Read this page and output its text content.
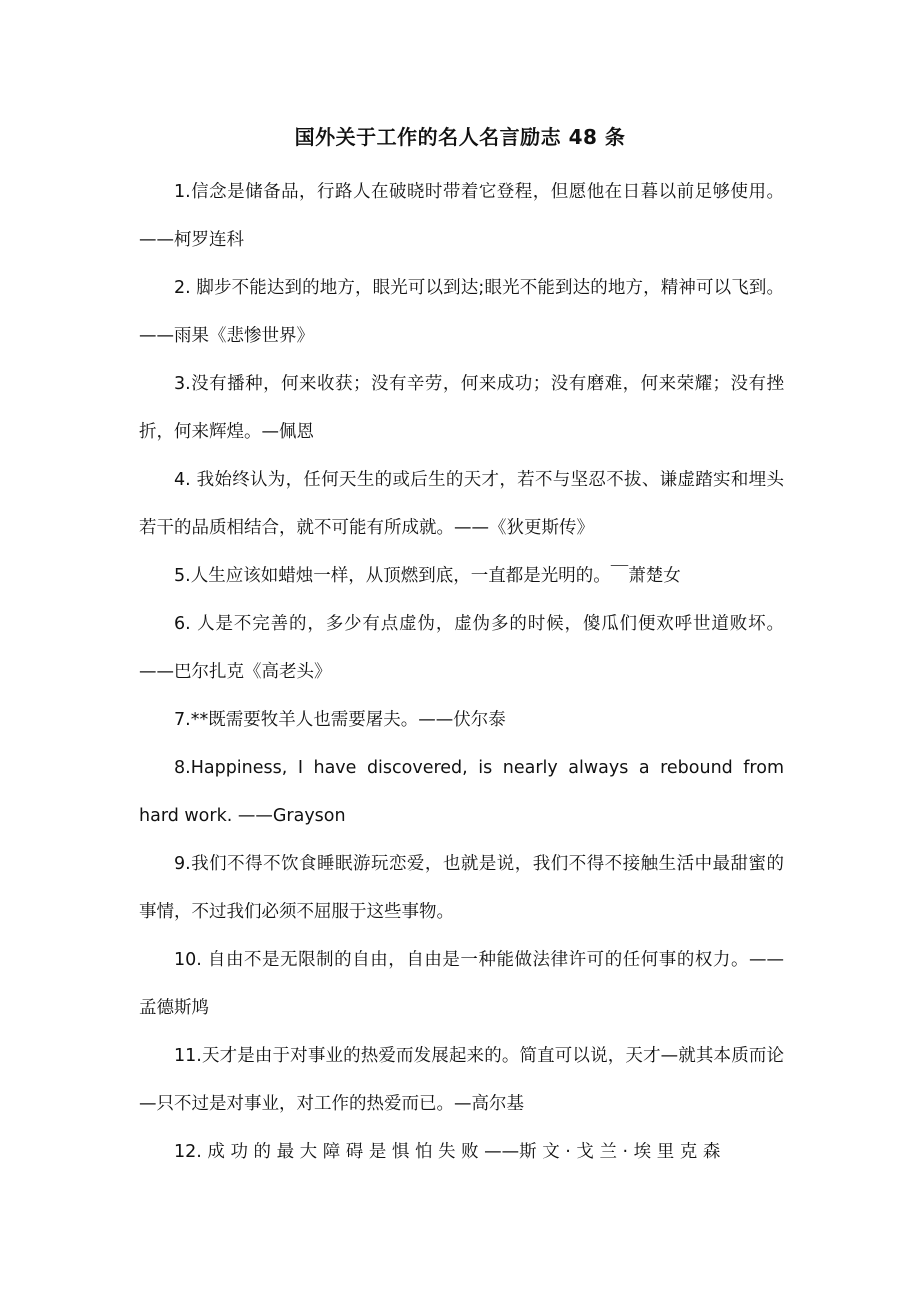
国外关于工作的名人名言励志 48 条

1.信念是储备品，行路人在破晓时带着它登程，但愿他在日暮以前足够使用。——柯罗连科

2. 脚步不能达到的地方，眼光可以到达;眼光不能到达的地方，精神可以飞到。——雨果《悲惨世界》

3.没有播种，何来收获；没有辛劳，何来成功；没有磨难，何来荣耀；没有挫折，何来辉煌。—佩恩

4. 我始终认为，任何天生的或后生的天才，若不与坚忍不拔、谦虚踏实和埋头若干的品质相结合，就不可能有所成就。——《狄更斯传》

5.人生应该如蜡烛一样，从顶燃到底，一直都是光明的。￣萧楚女

6. 人是不完善的，多少有点虚伪，虚伪多的时候，傻瓜们便欢呼世道败坏。——巴尔扎克《高老头》

7.**既需要牧羊人也需要屠夫。——伏尔泰

8.Happiness, I have discovered, is nearly always a rebound from hard work. ——Grayson

9.我们不得不饮食睡眠游玩恋爱，也就是说，我们不得不接触生活中最甜蜜的事情，不过我们必须不屈服于这些事物。

10. 自由不是无限制的自由，自由是一种能做法律许可的任何事的权力。——孟德斯鸠

11.天才是由于对事业的热爱而发展起来的。简直可以说，天才—就其本质而论—只不过是对事业，对工作的热爱而已。—高尔基

12. 成 功 的 最 大 障 碍 是 惧 怕 失 败 ——斯 文 · 戈 兰 · 埃 里 克 森
